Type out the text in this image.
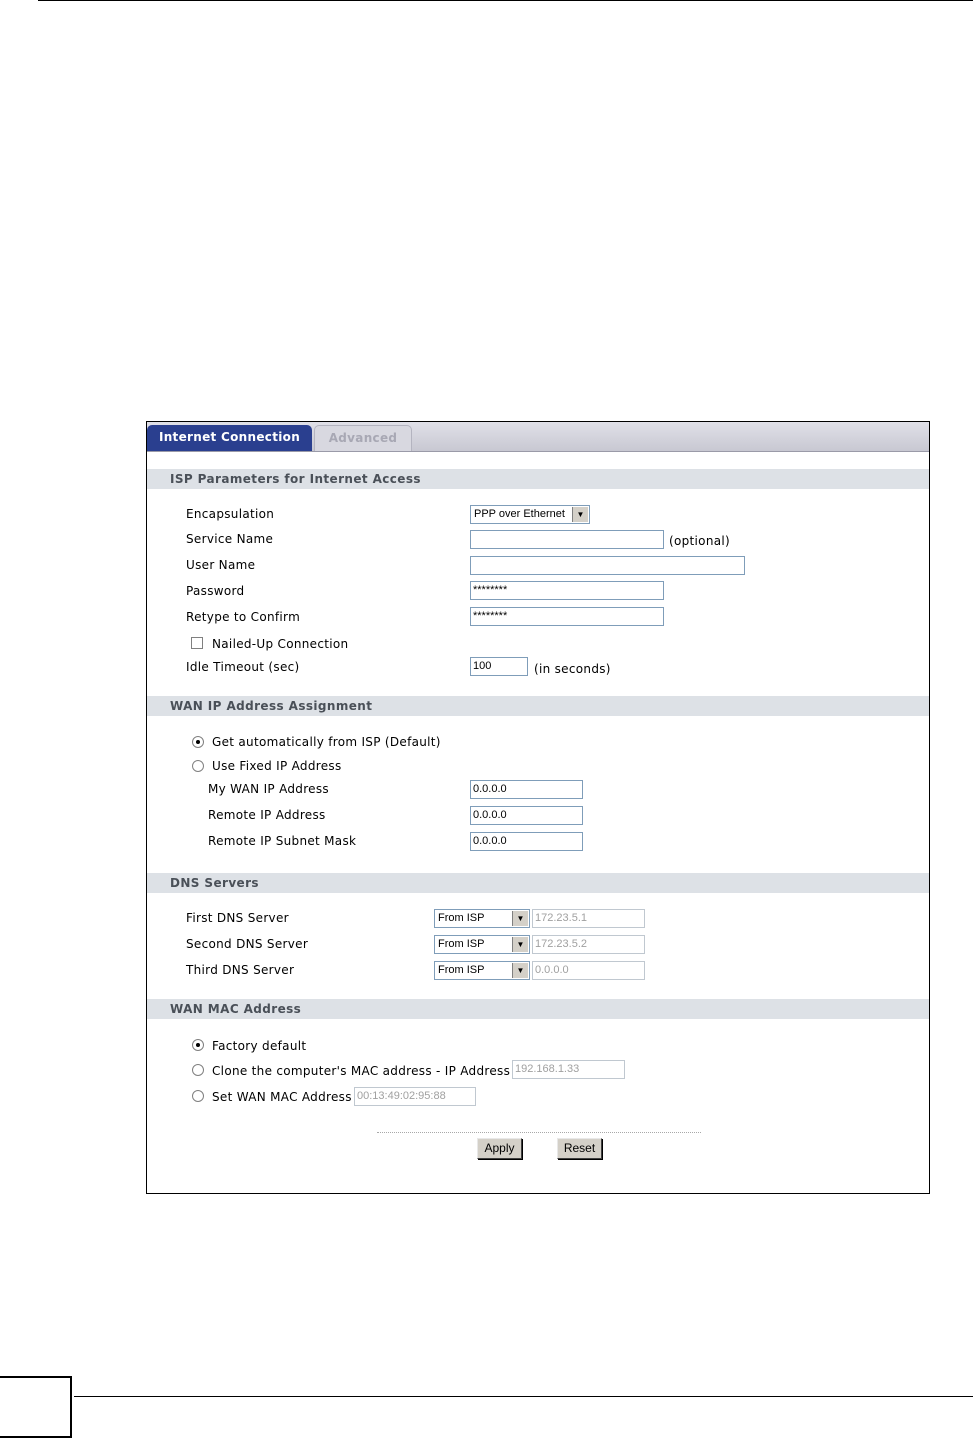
Internet Connection	Advanced
ISP Parameters for Internet Access
Encapsulation	PPP over Ethernet	▼
Service Name	(optional)
User Name
Password	********
Retype to Confirm	********
Nailed-Up Connection
Idle Timeout (sec)	100	(in seconds)
WAN IP Address Assignment
Get automatically from ISP (Default)
Use Fixed IP Address
My WAN IP Address	0.0.0.0
Remote IP Address	0.0.0.0
Remote IP Subnet Mask	0.0.0.0
DNS Servers
First DNS Server	From ISP	▼ 172.23.5.1
Second DNS Server	From ISP	▼ 172.23.5.2
Third DNS Server	From ISP	▼ 0.0.0.0
WAN MAC Address
Factory default
Clone the computer's MAC address - IP Address 192.168.1.33
Set WAN MAC Address 00:13:49:02:95:88
Apply	Reset
